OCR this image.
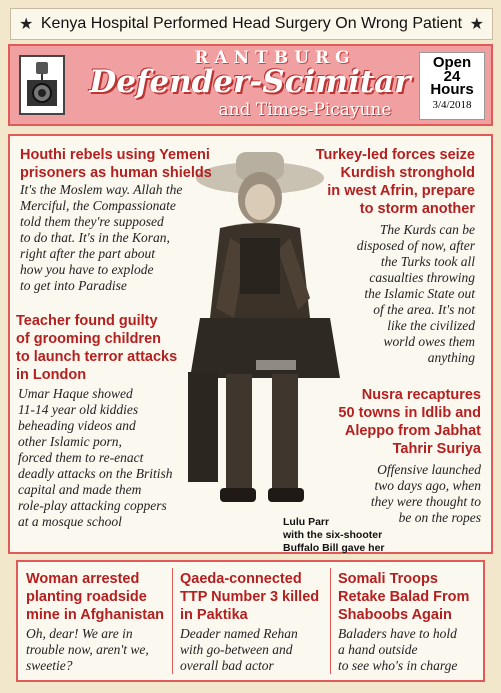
★ Kenya Hospital Performed Head Surgery On Wrong Patient ★
RANTBURG
Defender-Scimitar
and Times-Picayune
Open
24
Hours
3/4/2018
Houthi rebels using Yemeni
prisoners as human shields
It's the Moslem way. Allah the
Merciful, the Compassionate
told them they're supposed
to do that. It's in the Koran,
right after the part about
how you have to explode
to get into Paradise
Teacher found guilty
of grooming children
to launch terror attacks
in London
Umar Haque showed
11-14 year old kiddies
beheading videos and
other Islamic porn,
forced them to re-enact
deadly attacks on the British
capital and made them
role-play attacking coppers
at a mosque school
Turkey-led forces seize
Kurdish stronghold
in west Afrin, prepare
to storm another
The Kurds can be
disposed of now, after
the Turks took all
casualties throwing
the Islamic State out
of the area. It's not
like the civilized
world owes them
anything
Nusra recaptures
50 towns in Idlib and
Aleppo from Jabhat
Tahrir Suriya
Offensive launched
two days ago, when
they were thought to
be on the ropes
Lulu Parr
with the six-shooter
Buffalo Bill gave her
Woman arrested
planting roadside
mine in Afghanistan
Oh, dear! We are in
trouble now, aren't we,
sweetie?
Qaeda-connected
TTP Number 3 killed
in Paktika
Deader named Rehan
with go-between and
overall bad actor
Somali Troops
Retake Balad From
Shaboobs Again
Baladers have to hold
a hand outside
to see who's in charge
